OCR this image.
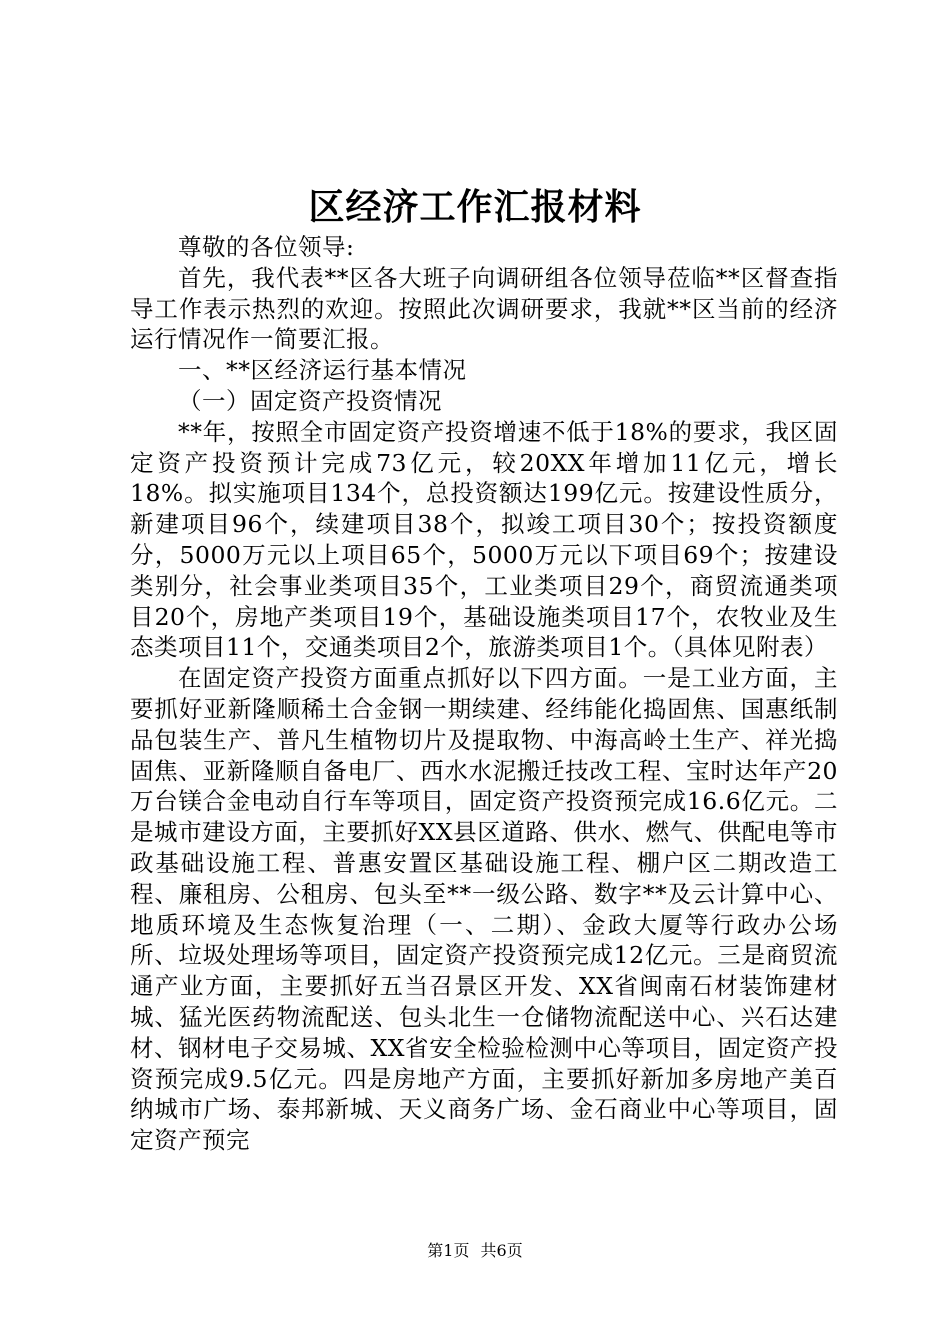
区经济工作汇报材料

尊敬的各位领导:

首先，我代表**区各大班子向调研组各位领导莅临**区督查指导工作表示热烈的欢迎。按照此次调研要求，我就**区当前的经济运行情况作一简要汇报。

一、**区经济运行基本情况

（一）固定资产投资情况

**年，按照全市固定资产投资增速不低于18%的要求，我区固定资产投资预计完成73亿元，较20XX年增加11亿元，增长18%。拟实施项目134个，总投资额达199亿元。按建设性质分，新建项目96个，续建项目38个，拟竣工项目30个；按投资额度分，5000万元以上项目65个，5000万元以下项目69个；按建设类别分，社会事业类项目35个，工业类项目29个，商贸流通类项目20个，房地产类项目19个，基础设施类项目17个，农牧业及生态类项目11个，交通类项目2个，旅游类项目1个。（具体见附表）

在固定资产投资方面重点抓好以下四方面。一是工业方面，主要抓好亚新隆顺稀土合金钢一期续建、经纬能化捣固焦、国惠纸制品包装生产、普凡生植物切片及提取物、中海高岭土生产、祥光捣固焦、亚新隆顺自备电厂、西水水泥搬迁技改工程、宝时达年产20万台镁合金电动自行车等项目，固定资产投资预完成16.6亿元。二是城市建设方面，主要抓好XX县区道路、供水、燃气、供配电等市政基础设施工程、普惠安置区基础设施工程、棚户区二期改造工程、廉租房、公租房、包头至**一级公路、数字**及云计算中心、地质环境及生态恢复治理（一、二期）、金政大厦等行政办公场所、垃圾处理场等项目，固定资产投资预完成12亿元。三是商贸流通产业方面，主要抓好五当召景区开发、XX省闽南石材装饰建材城、猛光医药物流配送、包头北生一仓储物流配送中心、兴石达建材、钢材电子交易城、XX省安全检验检测中心等项目，固定资产投资预完成9.5亿元。四是房地产方面，主要抓好新加多房地产美百纳城市广场、泰邦新城、天义商务广场、金石商业中心等项目，固定资产预完

第1页 共6页
